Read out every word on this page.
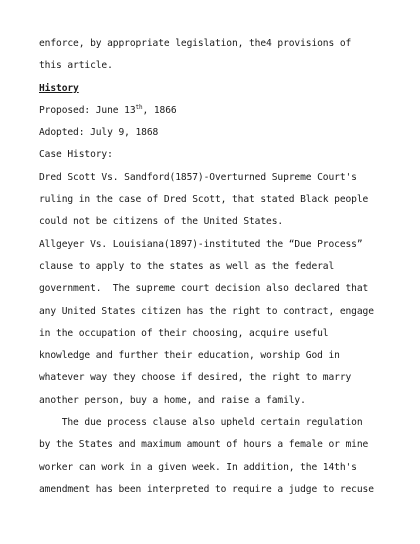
enforce, by appropriate legislation, the4 provisions of
this article.
History
Proposed: June 13th, 1866
Adopted: July 9, 1868
Case History:
Dred Scott Vs. Sandford(1857)-Overturned Supreme Court's
ruling in the case of Dred Scott, that stated Black people
could not be citizens of the United States.
Allgeyer Vs. Louisiana(1897)-instituted the “Due Process”
clause to apply to the states as well as the federal
government.  The supreme court decision also declared that
any United States citizen has the right to contract, engage
in the occupation of their choosing, acquire useful
knowledge and further their education, worship God in
whatever way they choose if desired, the right to marry
another person, buy a home, and raise a family.
The due process clause also upheld certain regulation
by the States and maximum amount of hours a female or mine
worker can work in a given week. In addition, the 14th's
amendment has been interpreted to require a judge to recuse
